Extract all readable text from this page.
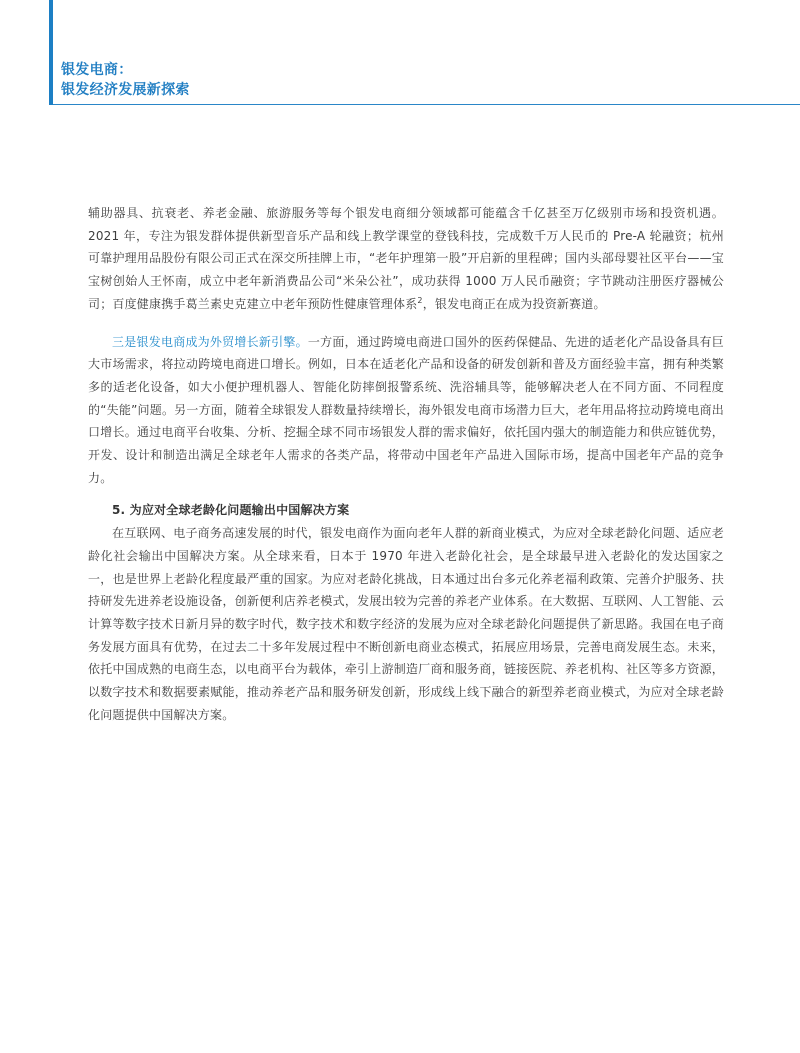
银发电商：
银发经济发展新探索

辅助器具、抗衰老、养老金融、旅游服务等每个银发电商细分领域都可能蕴含千亿甚至万亿级别市场和投资机遇。2021 年，专注为银发群体提供新型音乐产品和线上教学课堂的登钱科技，完成数千万人民币的 Pre-A 轮融资；杭州可靠护理用品股份有限公司正式在深交所挂牌上市，“老年护理第一股”开启新的里程碑；国内头部母婴社区平台——宝宝树创始人王怀南，成立中老年新消费品公司“米朵公社”，成功获得 1000 万人民币融资；字节跳动注册医疗器械公司；百度健康携手葛兰素史克建立中老年预防性健康管理体系$^2$，银发电商正在成为投资新赛道。

三是银发电商成为外贸增长新引擎。一方面，通过跨境电商进口国外的医药保健品、先进的适老化产品设备具有巨大市场需求，将拉动跨境电商进口增长。例如，日本在适老化产品和设备的研发创新和普及方面经验丰富，拥有种类繁多的适老化设备，如大小便护理机器人、智能化防摔倒报警系统、洗浴辅具等，能够解决老人在不同方面、不同程度的“失能”问题。另一方面，随着全球银发人群数量持续增长，海外银发电商市场潜力巨大，老年用品将拉动跨境电商出口增长。通过电商平台收集、分析、挖掘全球不同市场银发人群的需求偏好，依托国内强大的制造能力和供应链优势，开发、设计和制造出满足全球老年人需求的各类产品，将带动中国老年产品进入国际市场，提高中国老年产品的竞争力。

5. 为应对全球老龄化问题输出中国解决方案

在互联网、电子商务高速发展的时代，银发电商作为面向老年人群的新商业模式，为应对全球老龄化问题、适应老龄化社会输出中国解决方案。从全球来看，日本于 1970 年进入老龄化社会，是全球最早进入老龄化的发达国家之一，也是世界上老龄化程度最严重的国家。为应对老龄化挑战，日本通过出台多元化养老福利政策、完善介护服务、扶持研发先进养老设施设备，创新便利店养老模式，发展出较为完善的养老产业体系。在大数据、互联网、人工智能、云计算等数字技术日新月异的数字时代，数字技术和数字经济的发展为应对全球老龄化问题提供了新思路。我国在电子商务发展方面具有优势，在过去二十多年发展过程中不断创新电商业态模式，拓展应用场景，完善电商发展生态。未来，依托中国成熟的电商生态，以电商平台为载体，牵引上游制造厂商和服务商，链接医院、养老机构、社区等多方资源，以数字技术和数据要素赋能，推动养老产品和服务研发创新，形成线上线下融合的新型养老商业模式，为应对全球老龄化问题提供中国解决方案。
